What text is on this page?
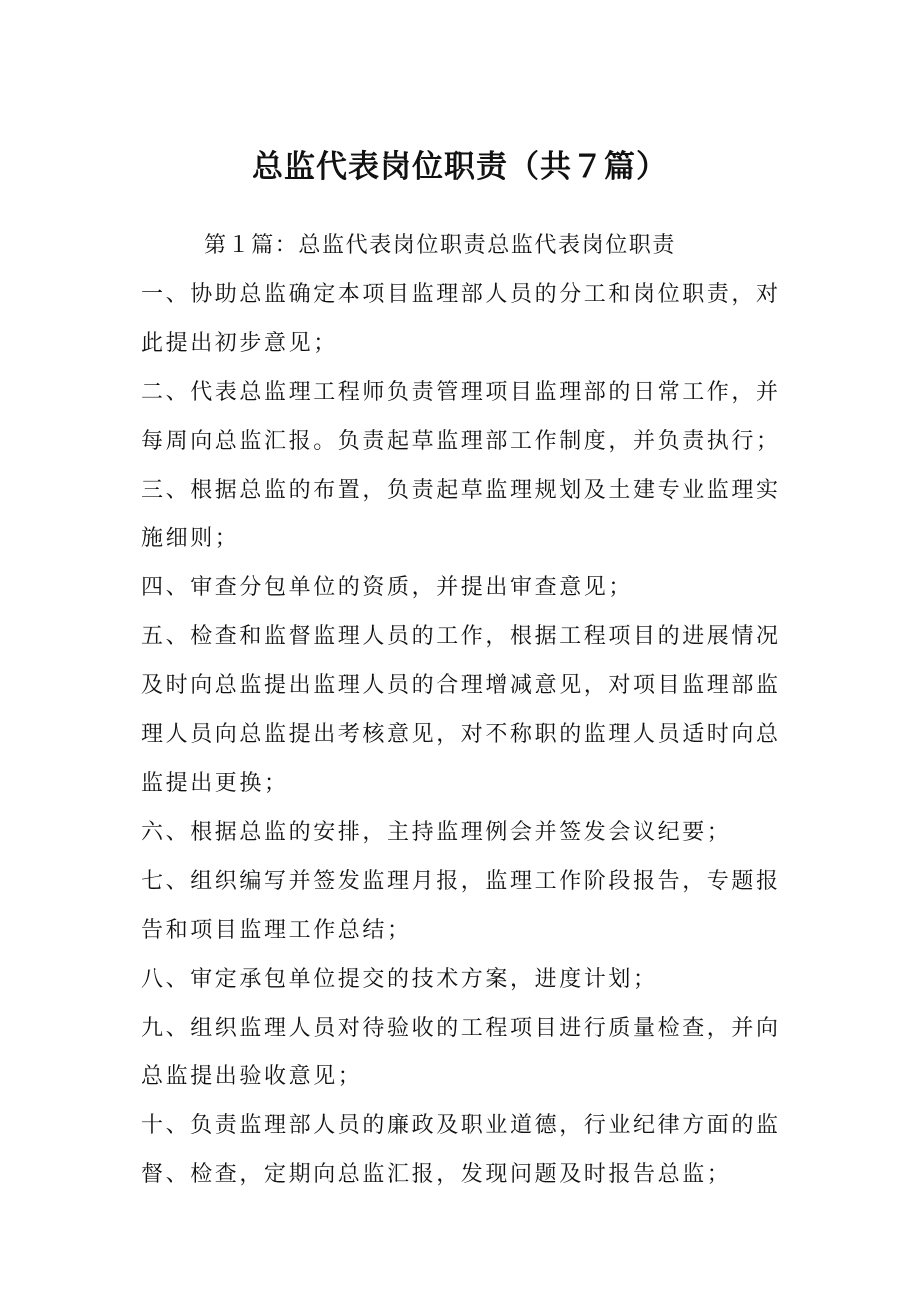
总监代表岗位职责（共７篇）

第１篇：总监代表岗位职责总监代表岗位职责

一、协助总监确定本项目监理部人员的分工和岗位职责，对此提出初步意见；

二、代表总监理工程师负责管理项目监理部的日常工作，并每周向总监汇报。负责起草监理部工作制度，并负责执行；

三、根据总监的布置，负责起草监理规划及土建专业监理实施细则；

四、审查分包单位的资质，并提出审查意见；

五、检查和监督监理人员的工作，根据工程项目的进展情况及时向总监提出监理人员的合理增减意见，对项目监理部监理人员向总监提出考核意见，对不称职的监理人员适时向总监提出更换；

六、根据总监的安排，主持监理例会并签发会议纪要；

七、组织编写并签发监理月报，监理工作阶段报告，专题报告和项目监理工作总结；

八、审定承包单位提交的技术方案，进度计划；

九、组织监理人员对待验收的工程项目进行质量检查，并向总监提出验收意见；

十、负责监理部人员的廉政及职业道德，行业纪律方面的监督、检查，定期向总监汇报，发现问题及时报告总监；
